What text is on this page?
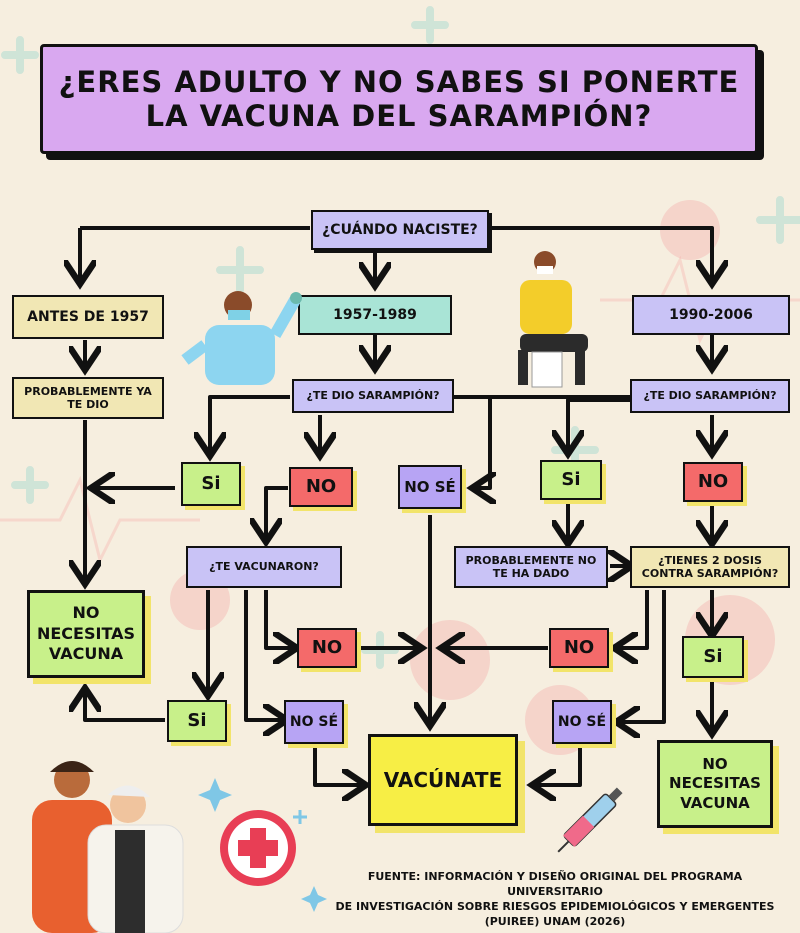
¿ERES ADULTO Y NO SABES SI PONERTE
LA VACUNA DEL SARAMPIÓN?
¿CUÁNDO NACISTE?
ANTES DE 1957	1957-1989	1990-2006
PROBABLEMENTE YA TE DIO
¿TE DIO SARAMPIÓN?	¿TE DIO SARAMPIÓN?
Si	NO	NO SÉ	Si	NO
¿TE VACUNARON?
PROBABLEMENTE NO TE HA DADO
¿TIENES 2 DOSIS CONTRA SARAMPIÓN?
NO NECESITAS VACUNA	NO	NO	Si
Si	NO SÉ	NO SÉ
VACÚNATE
NO NECESITAS VACUNA
FUENTE: INFORMACIÓN Y DISEÑO ORIGINAL DEL PROGRAMA UNIVERSITARIO
DE INVESTIGACIÓN SOBRE RIESGOS EPIDEMIOLÓGICOS Y EMERGENTES
(PUIREE) UNAM (2026)
